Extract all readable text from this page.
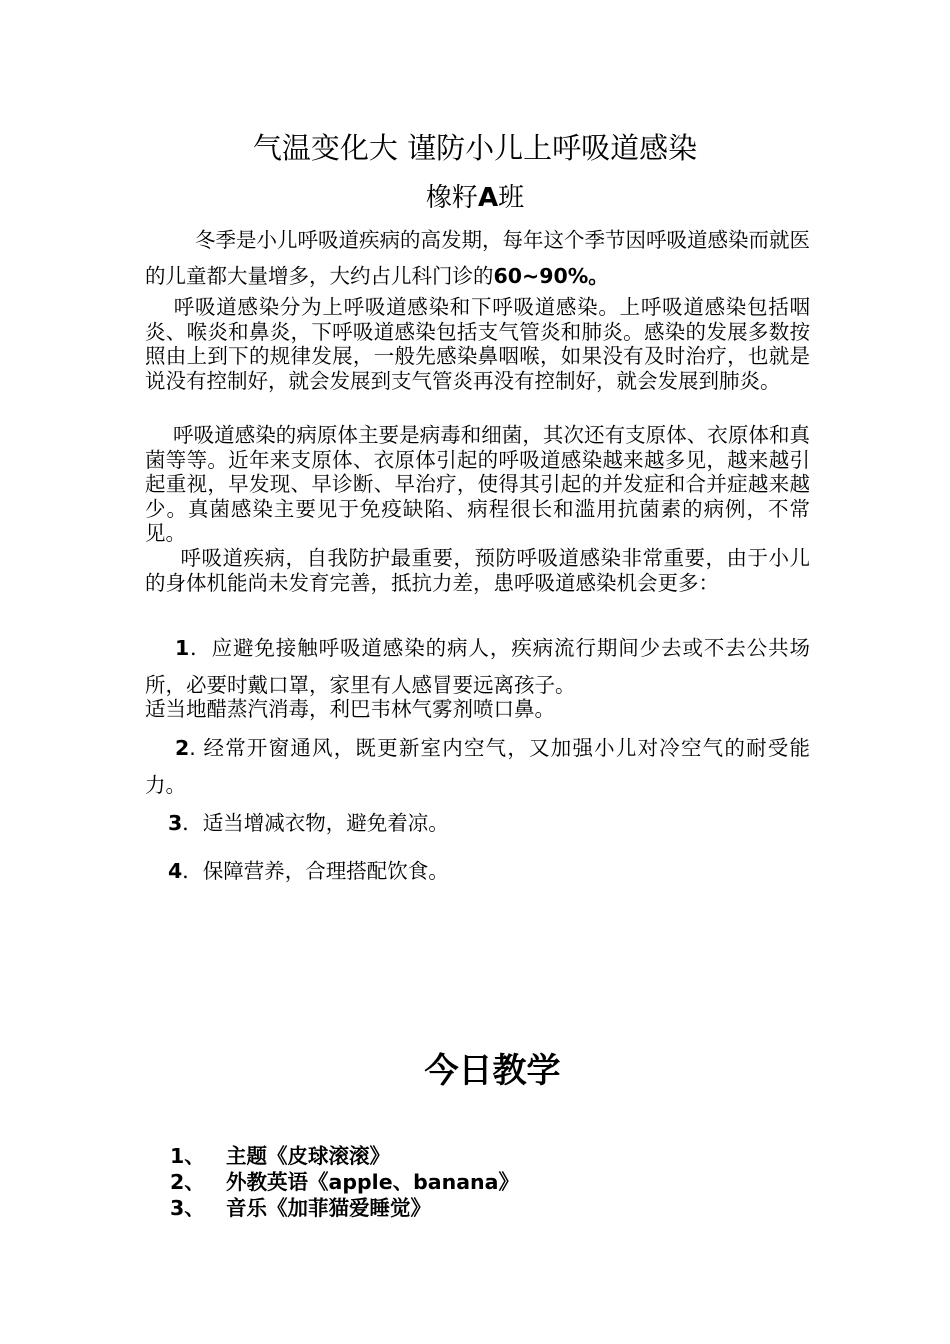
气温变化大 谨防小儿上呼吸道感染
橡籽A班

冬季是小儿呼吸道疾病的高发期，每年这个季节因呼吸道感染而就医的儿童都大量增多，大约占儿科门诊的60~90%。

呼吸道感染分为上呼吸道感染和下呼吸道感染。上呼吸道感染包括咽炎、喉炎和鼻炎，下呼吸道感染包括支气管炎和肺炎。感染的发展多数按照由上到下的规律发展，一般先感染鼻咽喉，如果没有及时治疗，也就是说没有控制好，就会发展到支气管炎再没有控制好，就会发展到肺炎。

呼吸道感染的病原体主要是病毒和细菌，其次还有支原体、衣原体和真菌等等。近年来支原体、衣原体引起的呼吸道感染越来越多见，越来越引起重视，早发现、早诊断、早治疗，使得其引起的并发症和合并症越来越少。真菌感染主要见于免疫缺陷、病程很长和滥用抗菌素的病例，不常见。

呼吸道疾病，自我防护最重要，预防呼吸道感染非常重要，由于小儿的身体机能尚未发育完善，抵抗力差，患呼吸道感染机会更多：

1．应避免接触呼吸道感染的病人，疾病流行期间少去或不去公共场所，必要时戴口罩，家里有人感冒要远离孩子。

适当地醋蒸汽消毒，利巴韦林气雾剂喷口鼻。

2. 经常开窗通风，既更新室内空气，又加强小儿对冷空气的耐受能力。

3．适当增减衣物，避免着凉。

4．保障营养，合理搭配饮食。

今日教学
1、	主题《皮球滚滚》
2、	外教英语《apple、banana》
3、	音乐《加菲猫爱睡觉》
